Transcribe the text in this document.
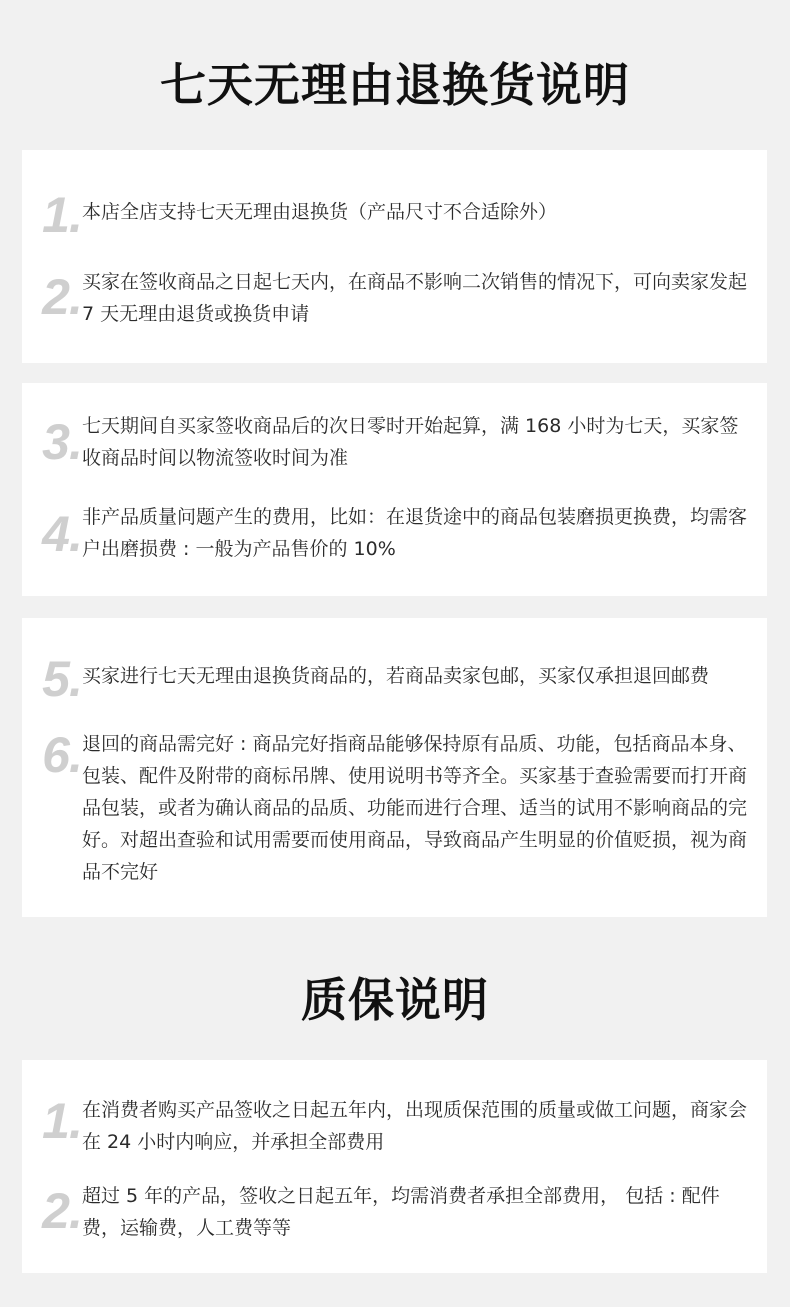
七天无理由退换货说明
1. 本店全店支持七天无理由退换货（产品尺寸不合适除外）

2. 买家在签收商品之日起七天内，在商品不影响二次销售的情况下，可向卖家发起 7 天无理由退货或换货申请

3. 七天期间自买家签收商品后的次日零时开始起算，满 168 小时为七天，买家签收商品时间以物流签收时间为准

4. 非产品质量问题产生的费用，比如：在退货途中的商品包装磨损更换费，均需客户出磨损费 : 一般为产品售价的 10%

5. 买家进行七天无理由退换货商品的，若商品卖家包邮，买家仅承担退回邮费

6. 退回的商品需完好 : 商品完好指商品能够保持原有品质、功能，包括商品本身、包装、配件及附带的商标吊牌、使用说明书等齐全。买家基于查验需要而打开商品包装，或者为确认商品的品质、功能而进行合理、适当的试用不影响商品的完好。对超出查验和试用需要而使用商品，导致商品产生明显的价值贬损，视为商品不完好

质保说明
1. 在消费者购买产品签收之日起五年内，出现质保范围的质量或做工问题，商家会在 24 小时内响应，并承担全部费用

2. 超过 5 年的产品，签收之日起五年，均需消费者承担全部费用， 包括 : 配件费，运输费，人工费等等
